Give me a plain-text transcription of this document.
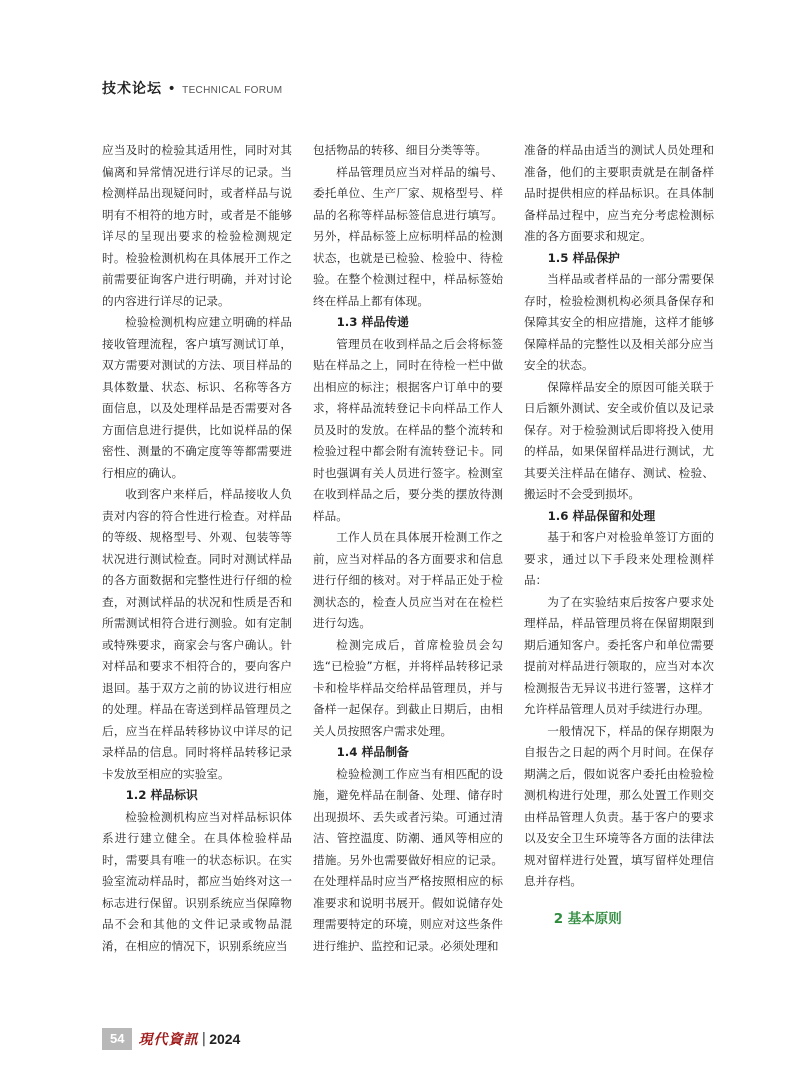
技术论坛 • TECHNICAL FORUM

应当及时的检验其适用性，同时对其偏离和异常情况进行详尽的记录。当检测样品出现疑问时，或者样品与说明有不相符的地方时，或者是不能够详尽的呈现出要求的检验检测规定时。检验检测机构在具体展开工作之前需要征询客户进行明确，并对讨论的内容进行详尽的记录。

检验检测机构应建立明确的样品接收管理流程，客户填写测试订单，双方需要对测试的方法、项目样品的具体数量、状态、标识、名称等各方面信息，以及处理样品是否需要对各方面信息进行提供，比如说样品的保密性、测量的不确定度等等都需要进行相应的确认。

收到客户来样后，样品接收人负责对内容的符合性进行检查。对样品的等级、规格型号、外观、包装等等状况进行测试检查。同时对测试样品的各方面数据和完整性进行仔细的检查，对测试样品的状况和性质是否和所需测试相符合进行测验。如有定制或特殊要求，商家会与客户确认。针对样品和要求不相符合的，要向客户退回。基于双方之前的协议进行相应的处理。样品在寄送到样品管理员之后，应当在样品转移协议中详尽的记录样品的信息。同时将样品转移记录卡发放至相应的实验室。

1.2 样品标识

检验检测机构应当对样品标识体系进行建立健全。在具体检验样品时，需要具有唯一的状态标识。在实验室流动样品时，都应当始终对这一标志进行保留。识别系统应当保障物品不会和其他的文件记录或物品混淆，在相应的情况下，识别系统应当

包括物品的转移、细目分类等等。

样品管理员应当对样品的编号、委托单位、生产厂家、规格型号、样品的名称等样品标签信息进行填写。另外，样品标签上应标明样品的检测状态，也就是已检验、检验中、待检验。在整个检测过程中，样品标签始终在样品上都有体现。

1.3 样品传递

管理员在收到样品之后会将标签贴在样品之上，同时在待检一栏中做出相应的标注；根据客户订单中的要求，将样品流转登记卡向样品工作人员及时的发放。在样品的整个流转和检验过程中都会附有流转登记卡。同时也强调有关人员进行签字。检测室在收到样品之后，要分类的摆放待测样品。

工作人员在具体展开检测工作之前，应当对样品的各方面要求和信息进行仔细的核对。对于样品正处于检测状态的，检查人员应当对在在检栏进行勾选。

检测完成后，首席检验员会勾选“已检验”方框，并将样品转移记录卡和检毕样品交给样品管理员，并与备样一起保存。到截止日期后，由相关人员按照客户需求处理。

1.4 样品制备

检验检测工作应当有相匹配的设施，避免样品在制备、处理、储存时出现损坏、丢失或者污染。可通过清洁、管控温度、防潮、通风等相应的措施。另外也需要做好相应的记录。在处理样品时应当严格按照相应的标准要求和说明书展开。假如说储存处理需要特定的环境，则应对这些条件进行维护、监控和记录。必须处理和

准备的样品由适当的测试人员处理和准备，他们的主要职责就是在制备样品时提供相应的样品标识。在具体制备样品过程中，应当充分考虑检测标准的各方面要求和规定。

1.5 样品保护

当样品或者样品的一部分需要保存时，检验检测机构必须具备保存和保障其安全的相应措施，这样才能够保障样品的完整性以及相关部分应当安全的状态。

保障样品安全的原因可能关联于日后额外测试、安全或价值以及记录保存。对于检验测试后即将投入使用的样品，如果保留样品进行测试，尤其要关注样品在储存、测试、检验、搬运时不会受到损坏。

1.6 样品保留和处理

基于和客户对检验单签订方面的要求，通过以下手段来处理检测样品：

为了在实验结束后按客户要求处理样品，样品管理员将在保留期限到期后通知客户。委托客户和单位需要提前对样品进行领取的，应当对本次检测报告无异议书进行签署，这样才允许样品管理人员对手续进行办理。

一般情况下，样品的保存期限为自报告之日起的两个月时间。在保存期满之后，假如说客户委托由检验检测机构进行处理，那么处置工作则交由样品管理人负责。基于客户的要求以及安全卫生环境等各方面的法律法规对留样进行处置，填写留样处理信息并存档。

2 基本原则
54	現代資訊 | 2024
